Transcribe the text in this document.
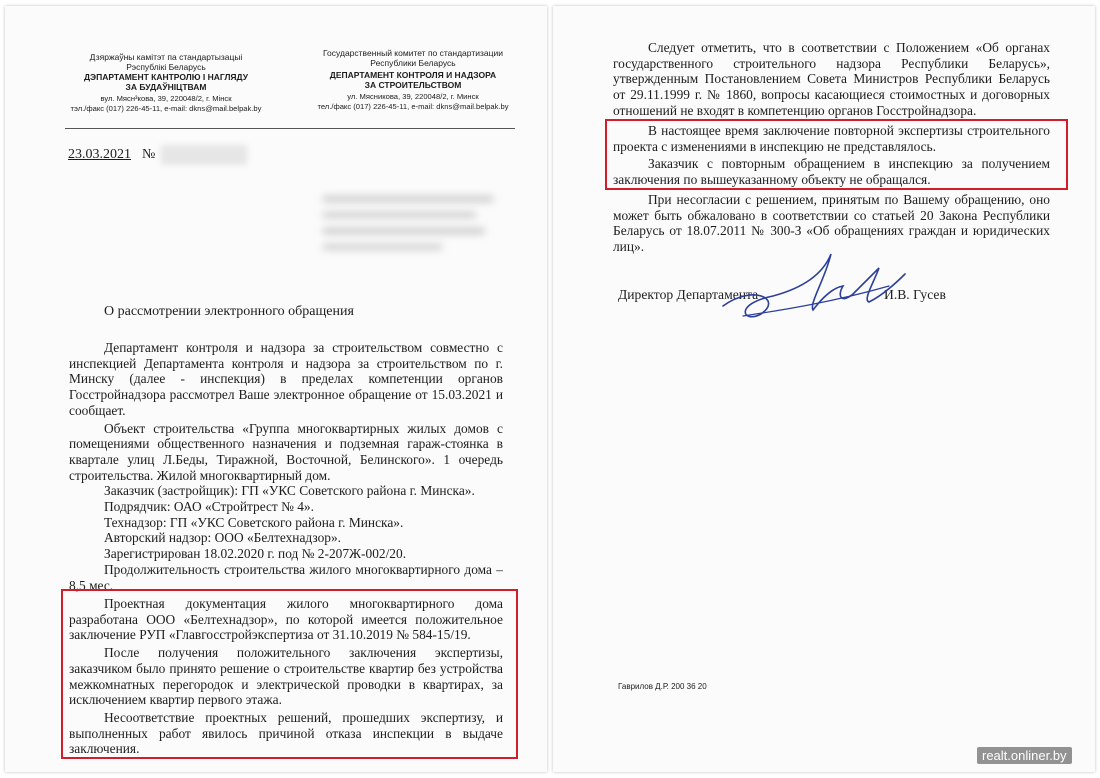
Дзяржаўны камітэт па стандартызацыі
Рэспублікі Беларусь
ДЭПАРТАМЕНТ КАНТРОЛЮ І НАГЛЯДУ
ЗА БУДАЎНІЦТВАМ
вул. Мясн³кова, 39, 220048/2, г. Мінск
тэл./факс (017) 226-45-11, e-mail: dkns@mail.belpak.by
Государственный комитет по стандартизации
Республики Беларусь
ДЕПАРТАМЕНТ КОНТРОЛЯ И НАДЗОРА
ЗА СТРОИТЕЛЬСТВОМ
ул. Мясникова, 39, 220048/2, г. Минск
тел./факс (017) 226-45-11, e-mail: dkns@mail.belpak.by
23.03.2021 №
О рассмотрении электронного обращения

Департамент контроля и надзора за строительством совместно с инспекцией Департамента контроля и надзора за строительством по г. Минску (далее - инспекция) в пределах компетенции органов Госстройнадзора рассмотрел Ваше электронное обращение от 15.03.2021 и сообщает.

Объект строительства «Группа многоквартирных жилых домов с помещениями общественного назначения и подземная гараж-стоянка в квартале улиц Л.Беды, Тиражной, Восточной, Белинского». 1 очередь строительства. Жилой многоквартирный дом.

Заказчик (застройщик): ГП «УКС Советского района г. Минска».

Подрядчик: ОАО «Стройтрест № 4».

Технадзор: ГП «УКС Советского района г. Минска».

Авторский надзор: ООО «Белтехнадзор».

Зарегистрирован 18.02.2020 г. под № 2-207Ж-002/20.

Продолжительность строительства жилого многоквартирного дома – 8,5 мес.

Проектная документация жилого многоквартирного дома разработана ООО «Белтехнадзор», по которой имеется положительное заключение РУП «Главгосстройэкспертиза от 31.10.2019 № 584-15/19.

После получения положительного заключения экспертизы, заказчиком было принято решение о строительстве квартир без устройства межкомнатных перегородок и электрической проводки в квартирах, за исключением квартир первого этажа.

Несоответствие проектных решений, прошедших экспертизу, и выполненных работ явилось причиной отказа инспекции в выдаче заключения.

Следует отметить, что в соответствии с Положением «Об органах государственного строительного надзора Республики Беларусь», утвержденным Постановлением Совета Министров Республики Беларусь от 29.11.1999 г. № 1860, вопросы касающиеся стоимостных и договорных отношений не входят в компетенцию органов Госстройнадзора.

В настоящее время заключение повторной экспертизы строительного проекта с изменениями в инспекцию не представлялось.

Заказчик с повторным обращением в инспекцию за получением заключения по вышеуказанному объекту не обращался.

При несогласии с решением, принятым по Вашему обращению, оно может быть обжаловано в соответствии со статьей 20 Закона Республики Беларусь от 18.07.2011 № 300-З «Об обращениях граждан и юридических лиц».

Директор Департамента	И.В. Гусев
Гаврилов Д.Р. 200 36 20
realt.onliner.by
